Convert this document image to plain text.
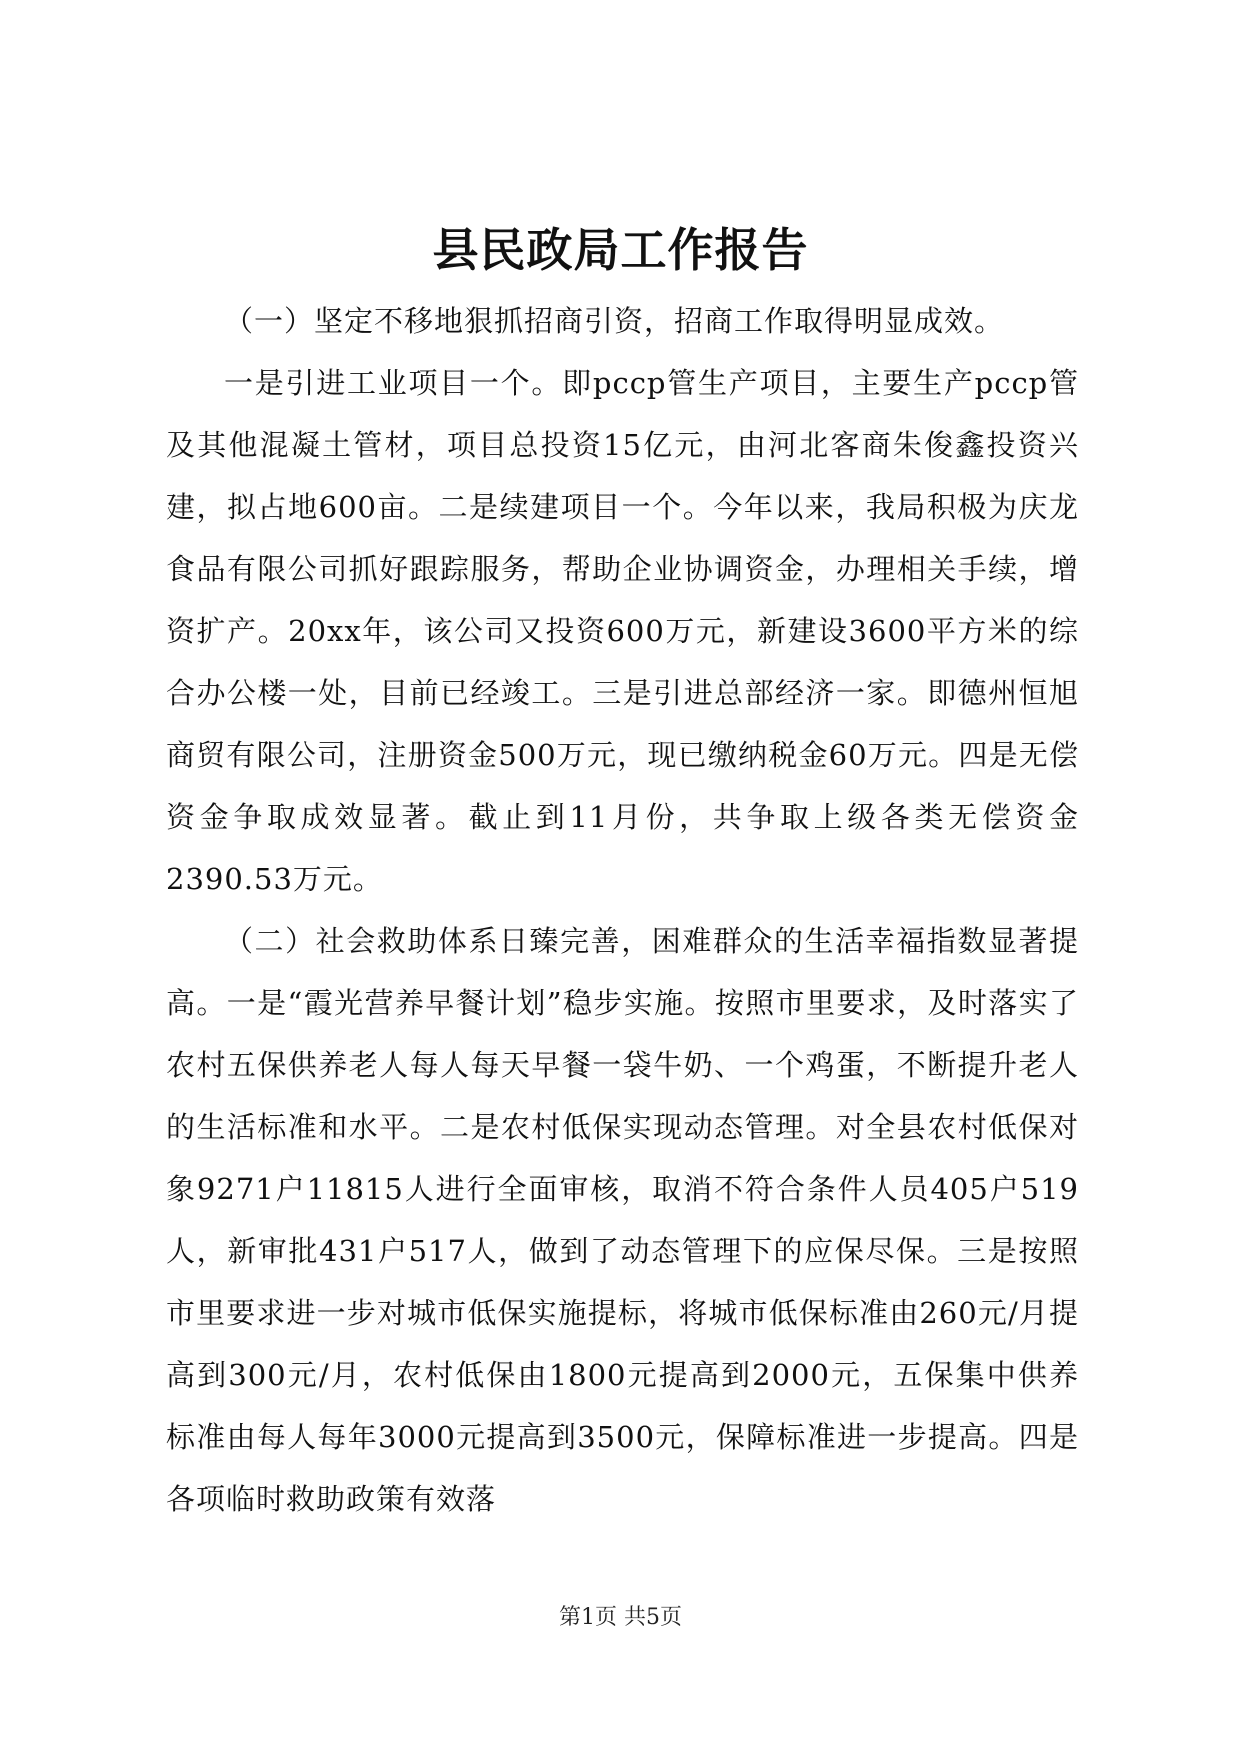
县民政局工作报告

（一）坚定不移地狠抓招商引资，招商工作取得明显成效。

一是引进工业项目一个。即pccp管生产项目，主要生产pccp管及其他混凝土管材，项目总投资15亿元，由河北客商朱俊鑫投资兴建，拟占地600亩。二是续建项目一个。今年以来，我局积极为庆龙食品有限公司抓好跟踪服务，帮助企业协调资金，办理相关手续，增资扩产。20xx年，该公司又投资600万元，新建设3600平方米的综合办公楼一处，目前已经竣工。三是引进总部经济一家。即德州恒旭商贸有限公司，注册资金500万元，现已缴纳税金60万元。四是无偿资金争取成效显著。截止到11月份，共争取上级各类无偿资金2390.53万元。

（二）社会救助体系日臻完善，困难群众的生活幸福指数显著提高。一是“霞光营养早餐计划”稳步实施。按照市里要求，及时落实了农村五保供养老人每人每天早餐一袋牛奶、一个鸡蛋，不断提升老人的生活标准和水平。二是农村低保实现动态管理。对全县农村低保对象9271户11815人进行全面审核，取消不符合条件人员405户519人，新审批431户517人，做到了动态管理下的应保尽保。三是按照市里要求进一步对城市低保实施提标，将城市低保标准由260元/月提高到300元/月，农村低保由1800元提高到2000元，五保集中供养标准由每人每年3000元提高到3500元，保障标准进一步提高。四是各项临时救助政策有效落

第1页 共5页
